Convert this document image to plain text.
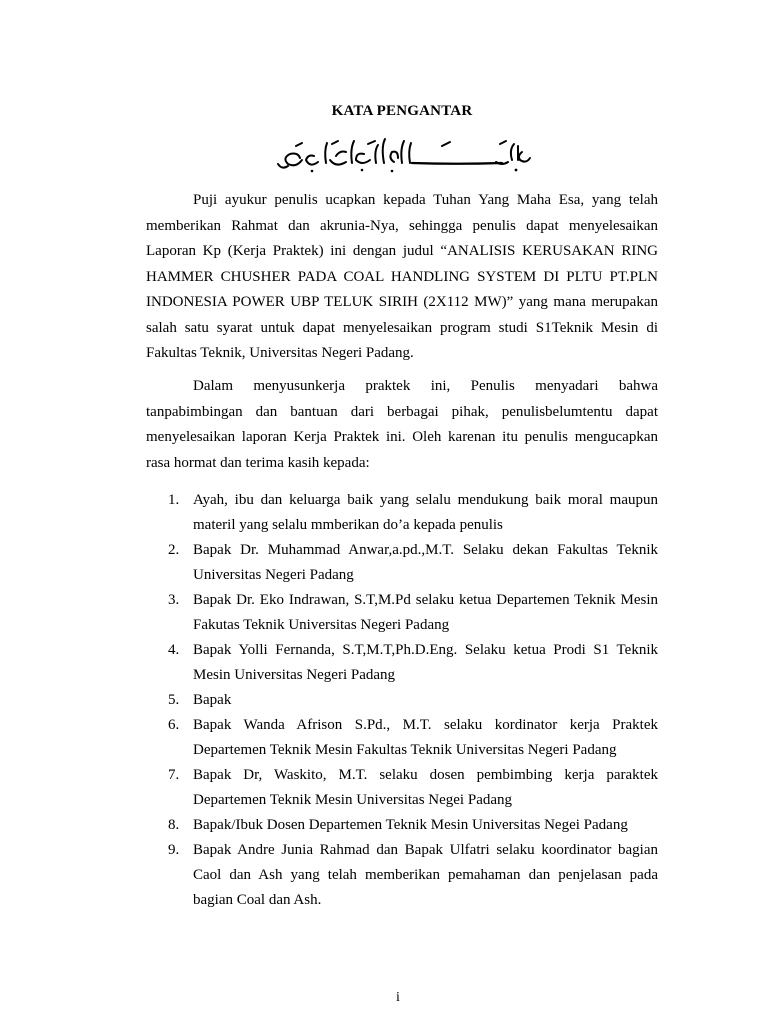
KATA PENGANTAR

Puji ayukur penulis ucapkan kepada Tuhan Yang Maha Esa, yang telah memberikan Rahmat dan akrunia-Nya, sehingga penulis dapat menyelesaikan Laporan Kp (Kerja Praktek) ini dengan judul “ANALISIS KERUSAKAN RING HAMMER CHUSHER PADA COAL HANDLING SYSTEM DI PLTU PT.PLN INDONESIA POWER UBP TELUK SIRIH (2X112 MW)” yang mana merupakan salah satu syarat untuk dapat menyelesaikan program studi S1Teknik Mesin di Fakultas Teknik, Universitas Negeri Padang.

Dalam menyusunkerja praktek ini, Penulis menyadari bahwa tanpabimbingan dan bantuan dari berbagai pihak, penulisbelumtentu dapat menyelesaikan laporan Kerja Praktek ini. Oleh karenan itu penulis mengucapkan rasa hormat dan terima kasih kepada:

1. Ayah, ibu dan keluarga baik yang selalu mendukung baik moral maupun materil yang selalu mmberikan do’a kepada penulis
2. Bapak Dr. Muhammad Anwar,a.pd.,M.T. Selaku dekan Fakultas Teknik Universitas Negeri Padang
3. Bapak Dr. Eko Indrawan, S.T,M.Pd selaku ketua Departemen Teknik Mesin Fakutas Teknik Universitas Negeri Padang
4. Bapak Yolli Fernanda, S.T,M.T,Ph.D.Eng. Selaku ketua Prodi S1 Teknik Mesin Universitas Negeri Padang
5. Bapak
6. Bapak Wanda Afrison S.Pd., M.T. selaku kordinator kerja Praktek Departemen Teknik Mesin Fakultas Teknik Universitas Negeri Padang
7. Bapak Dr, Waskito, M.T. selaku dosen pembimbing kerja paraktek Departemen Teknik Mesin Universitas Negei Padang
8. Bapak/Ibuk Dosen Departemen Teknik Mesin Universitas Negei Padang
9. Bapak Andre Junia Rahmad dan Bapak Ulfatri selaku koordinator bagian Caol dan Ash yang telah memberikan pemahaman dan penjelasan pada bagian Coal dan Ash.
i
